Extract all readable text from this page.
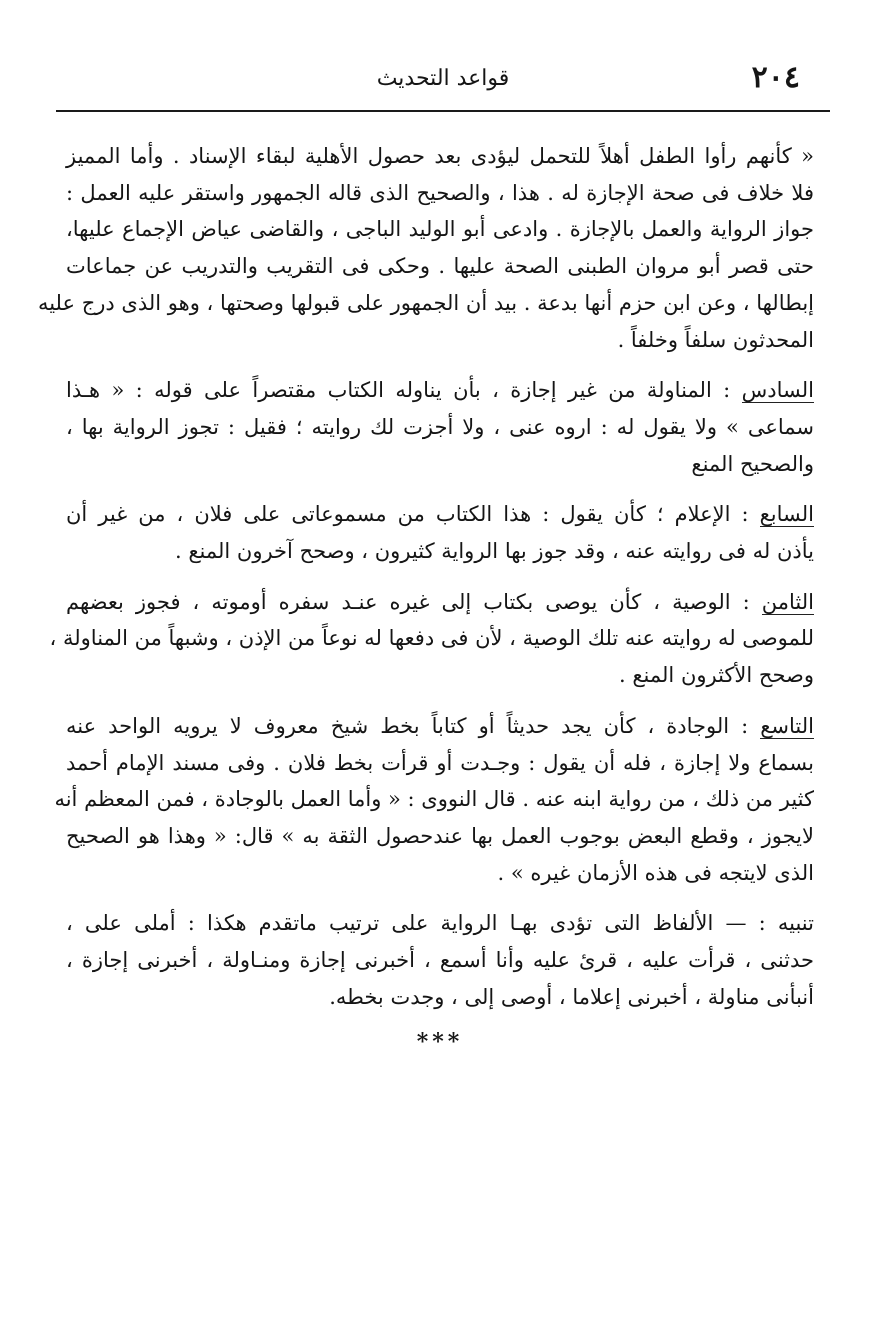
٢٠٤
قواعد التحديث

« كأنهم رأوا الطفل أهلاً للتحمل ليؤدى بعد حصول الأهلية لبقاء الإسناد . وأما المميز

فلا خلاف فى صحة الإجازة له . هذا ، والصحيح الذى قاله الجمهور واستقر عليه العمل :

جواز الرواية والعمل بالإجازة . وادعى أبو الوليد الباجى ، والقاضى عياض الإجماع عليها،

حتى قصر أبو مروان الطبنى الصحة عليها . وحكى فى التقريب والتدريب عن جماعات

إبطالها ، وعن ابن حزم أنها بدعة . بيد أن الجمهور على قبولها وصحتها ، وهو الذى درج عليه

المحدثون سلفاً وخلفاً .

السادس : المناولة من غير إجازة ، بأن يناوله الكتاب مقتصراً على قوله : « هـذا

سماعى » ولا يقول له : اروه عنى ، ولا أجزت لك روايته ؛ فقيل : تجوز الرواية بها ،

والصحيح المنع

السابع : الإعلام ؛ كأن يقول : هذا الكتاب من مسموعاتى على فلان ، من غير أن

يأذن له فى روايته عنه ، وقد جوز بها الرواية كثيرون ، وصحح آخرون المنع .

الثامن : الوصية ، كأن يوصى بكتاب إلى غيره عنـد سفره أوموته ، فجوز بعضهم

للموصى له روايته عنه تلك الوصية ، لأن فى دفعها له نوعاً من الإذن ، وشبهاً من المناولة ،

وصحح الأكثرون المنع .

التاسع : الوجادة ، كأن يجد حديثاً أو كتاباً بخط شيخ معروف لا يرويه الواحد عنه

بسماع ولا إجازة ، فله أن يقول : وجـدت أو قرأت بخط فلان . وفى مسند الإمام أحمد

كثير من ذلك ، من رواية ابنه عنه . قال النووى : « وأما العمل بالوجادة ، فمن المعظم أنه

لايجوز ، وقطع البعض بوجوب العمل بها عندحصول الثقة به » قال: « وهذا هو الصحيح

الذى لايتجه فى هذه الأزمان غيره » .

تنبيه : — الألفاظ التى تؤدى بهـا الرواية على ترتيب ماتقدم هكذا : أملى على ،

حدثنى ، قرأت عليه ، قرئ عليه وأنا أسمع ، أخبرنى إجازة ومنـاولة ، أخبرنى إجازة ،

أنبأنى مناولة ، أخبرنى إعلاما ، أوصى إلى ، وجدت بخطه.

***
